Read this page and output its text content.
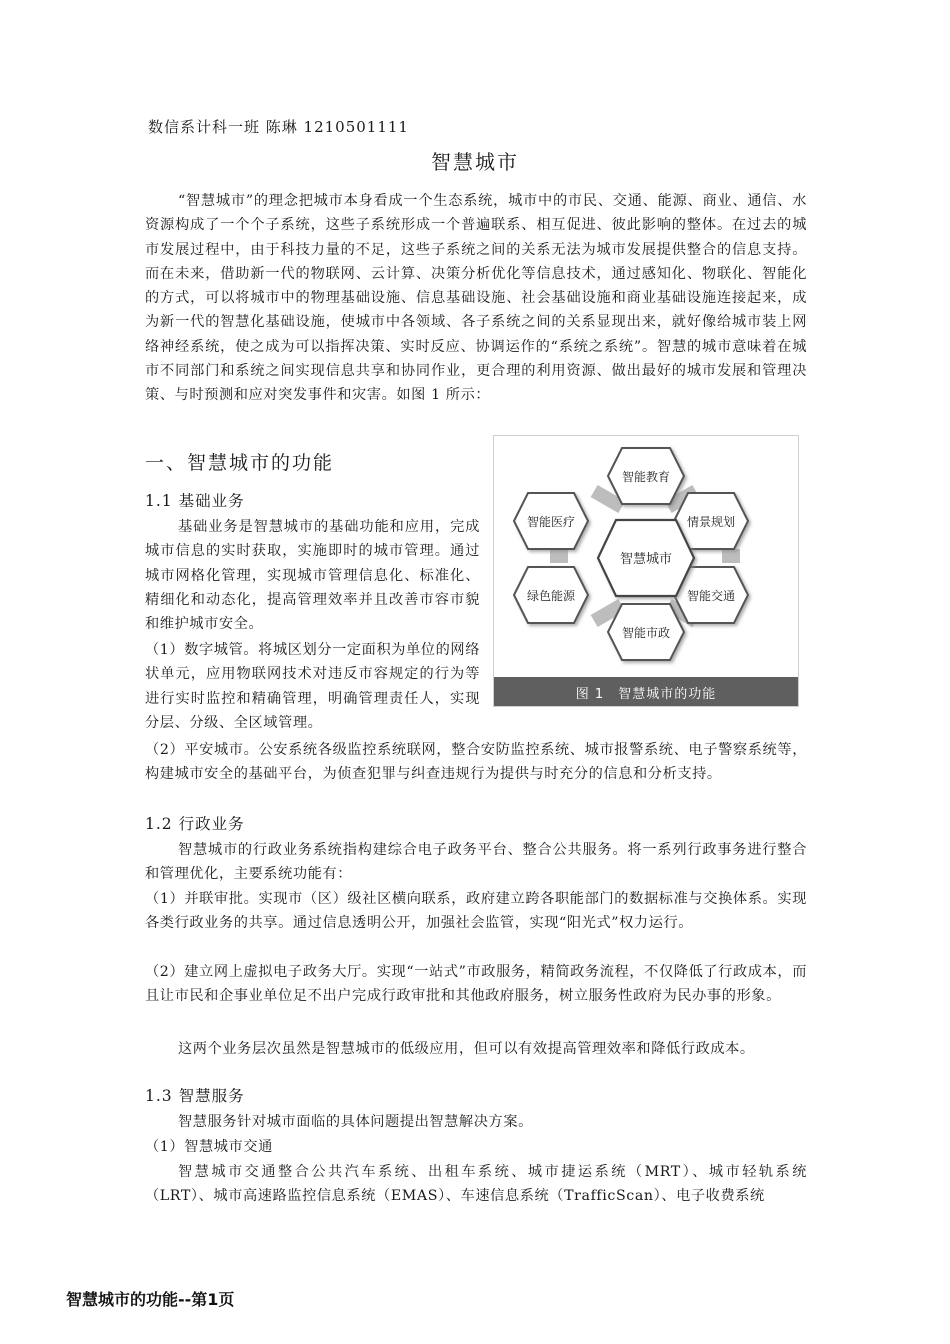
数信系计科一班 陈琳 1210501111
智慧城市
“智慧城市”的理念把城市本身看成一个生态系统，城市中的市民、交通、能源、商业、通信、水资源构成了一个个子系统，这些子系统形成一个普遍联系、相互促进、彼此影响的整体。在过去的城市发展过程中，由于科技力量的不足，这些子系统之间的关系无法为城市发展提供整合的信息支持。而在未来，借助新一代的物联网、云计算、决策分析优化等信息技术，通过感知化、物联化、智能化的方式，可以将城市中的物理基础设施、信息基础设施、社会基础设施和商业基础设施连接起来，成为新一代的智慧化基础设施，使城市中各领域、各子系统之间的关系显现出来，就好像给城市装上网络神经系统，使之成为可以指挥决策、实时反应、协调运作的“系统之系统”。智慧的城市意味着在城市不同部门和系统之间实现信息共享和协同作业，更合理的利用资源、做出最好的城市发展和管理决策、与时预测和应对突发事件和灾害。如图 1 所示：
一、智慧城市的功能
1.1 基础业务
基础业务是智慧城市的基础功能和应用，完成城市信息的实时获取，实施即时的城市管理。通过城市网格化管理，实现城市管理信息化、标准化、精细化和动态化，提高管理效率并且改善市容市貌和维护城市安全。
（1）数字城管。将城区划分一定面积为单位的网络状单元，应用物联网技术对违反市容规定的行为等进行实时监控和精确管理，明确管理责任人，实现分层、分级、全区域管理。
智能教育
情景规划
智能交通
智能市政
绿色能源
智能医疗
智慧城市
图 1　智慧城市的功能
（2）平安城市。公安系统各级监控系统联网，整合安防监控系统、城市报警系统、电子警察系统等，构建城市安全的基础平台，为侦查犯罪与纠查违规行为提供与时充分的信息和分析支持。
1.2 行政业务
智慧城市的行政业务系统指构建综合电子政务平台、整合公共服务。将一系列行政事务进行整合和管理优化，主要系统功能有：
（1）并联审批。实现市（区）级社区横向联系，政府建立跨各职能部门的数据标准与交换体系。实现各类行政业务的共享。通过信息透明公开，加强社会监管，实现“阳光式”权力运行。
（2）建立网上虚拟电子政务大厅。实现“一站式”市政服务，精简政务流程，不仅降低了行政成本，而且让市民和企事业单位足不出户完成行政审批和其他政府服务，树立服务性政府为民办事的形象。
这两个业务层次虽然是智慧城市的低级应用，但可以有效提高管理效率和降低行政成本。
1.3 智慧服务
智慧服务针对城市面临的具体问题提出智慧解决方案。
（1）智慧城市交通
智慧城市交通整合公共汽车系统、出租车系统、城市捷运系统（MRT）、城市轻轨系统（LRT）、城市高速路监控信息系统（EMAS）、车速信息系统（TrafficScan）、电子收费系统
智慧城市的功能--第1页
